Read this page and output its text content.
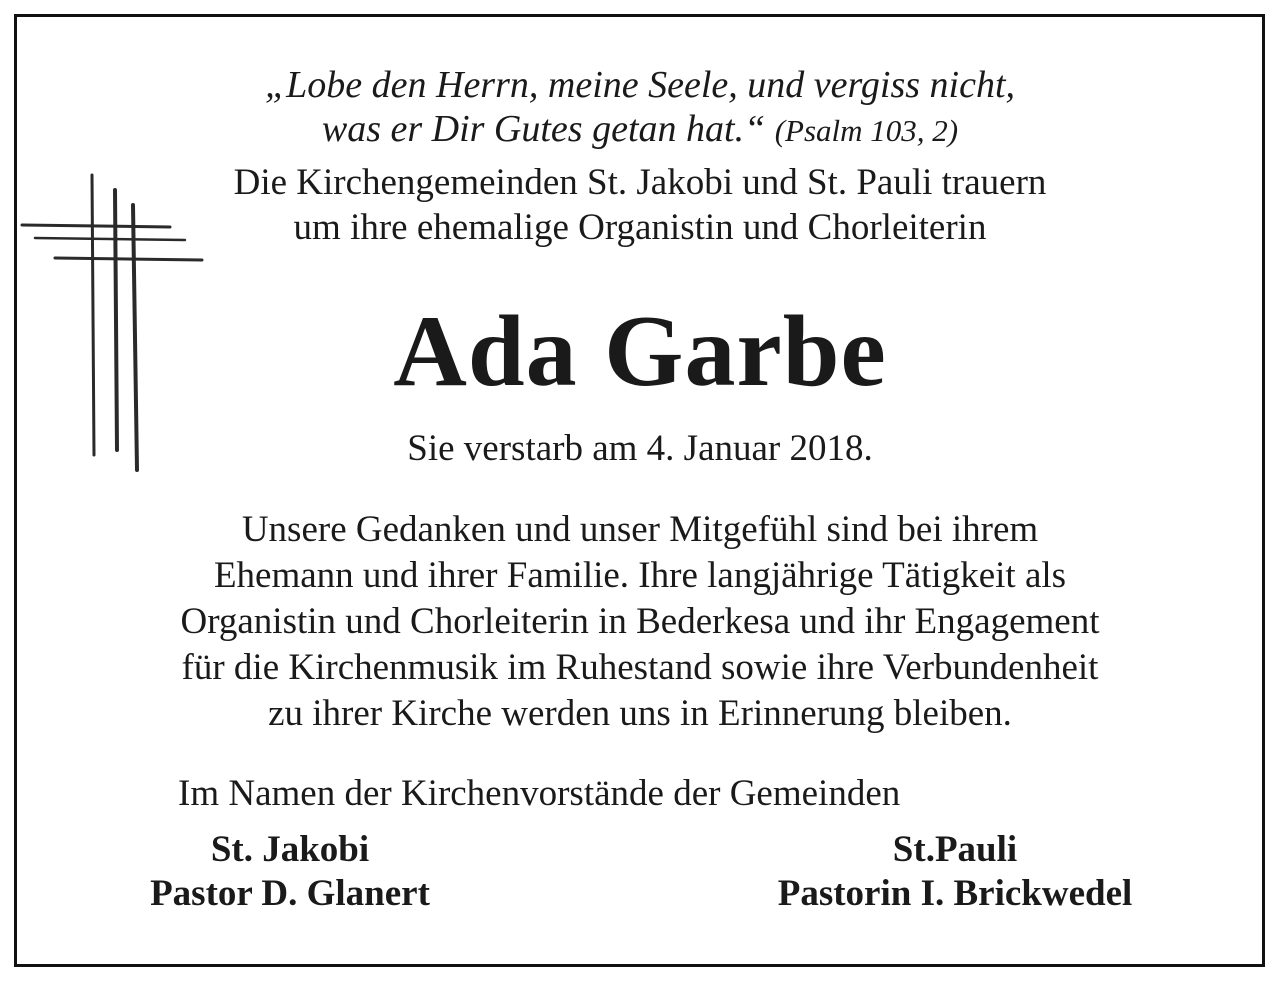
„Lobe den Herrn, meine Seele, und vergiss nicht,
was er Dir Gutes getan hat.“ (Psalm 103, 2)
Die Kirchengemeinden St. Jakobi und St. Pauli trauern
um ihre ehemalige Organistin und Chorleiterin
Ada Garbe
Sie verstarb am 4. Januar 2018.
Unsere Gedanken und unser Mitgefühl sind bei ihrem
Ehemann und ihrer Familie. Ihre langjährige Tätigkeit als
Organistin und Chorleiterin in Bederkesa und ihr Engagement
für die Kirchenmusik im Ruhestand sowie ihre Verbundenheit
zu ihrer Kirche werden uns in Erinnerung bleiben.
Im Namen der Kirchenvorstände der Gemeinden
St. Jakobi
Pastor D. Glanert
St.Pauli
Pastorin I. Brickwedel
